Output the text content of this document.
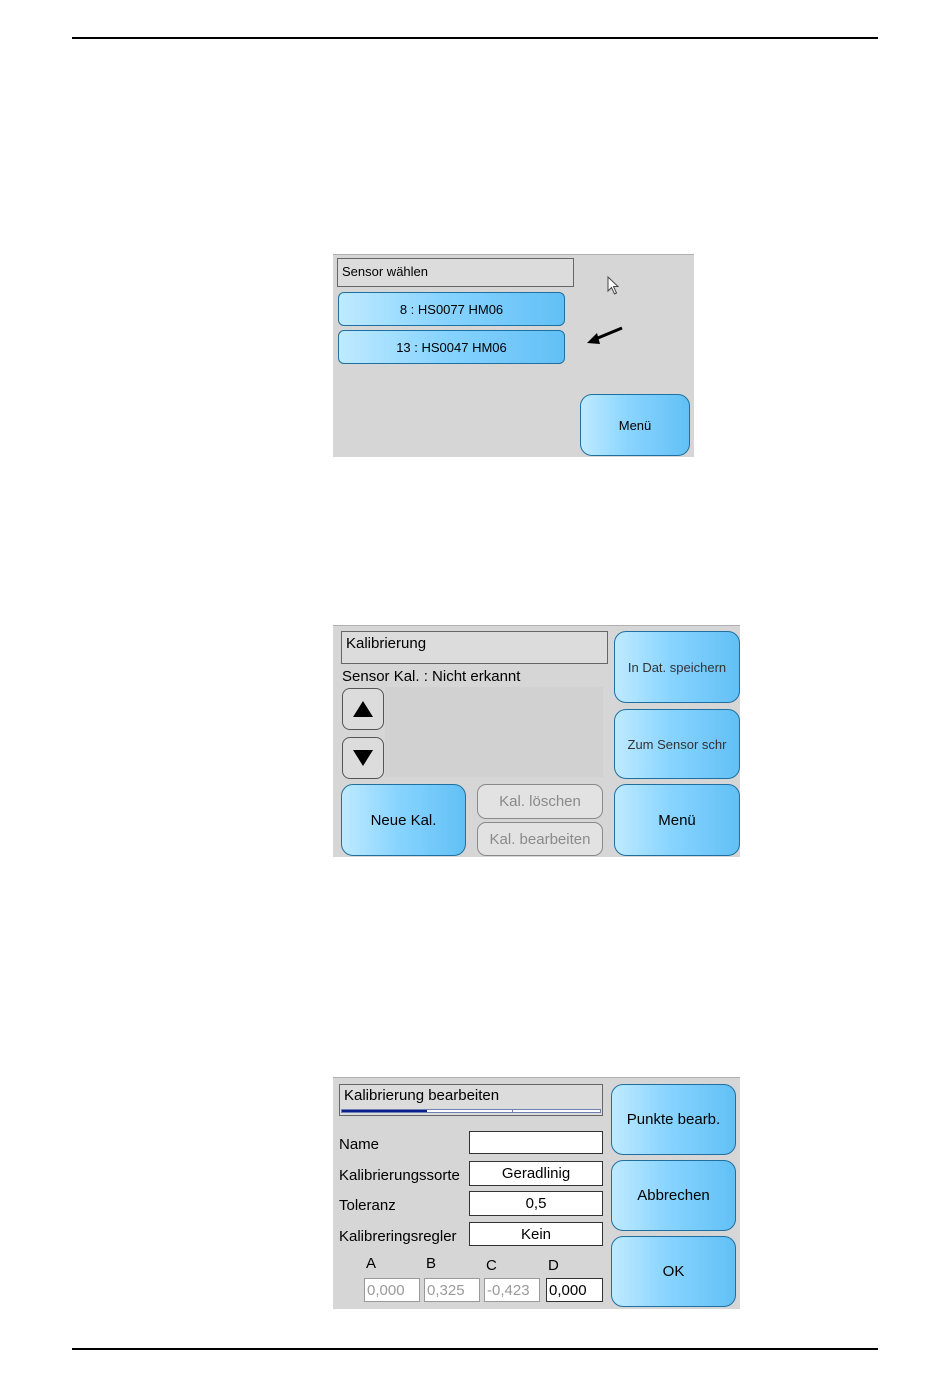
Sensor wählen
8 : HS0077 HM06
13 : HS0047 HM06
Menü
Kalibrierung
Sensor Kal. : Nicht erkannt
In Dat. speichern
Zum Sensor schr
Neue Kal.
Kal. löschen
Kal. bearbeiten
Menü
Kalibrierung bearbeiten
Name
Kalibrierungssorte	Geradlinig
Toleranz	0,5
Kalibreringsregler	Kein
A	B	C	D
0,000	0,325	-0,423	0,000
Punkte bearb.
Abbrechen
OK
